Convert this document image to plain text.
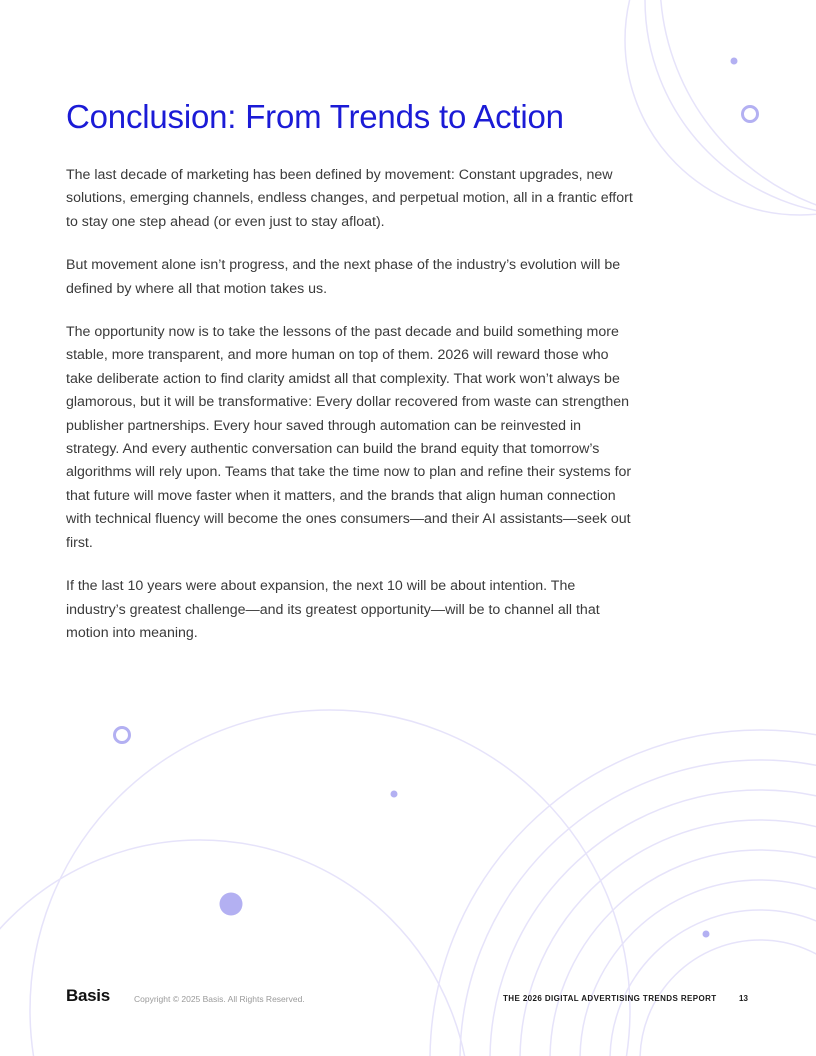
Conclusion: From Trends to Action

The last decade of marketing has been defined by movement: Constant upgrades, new solutions, emerging channels, endless changes, and perpetual motion, all in a frantic effort to stay one step ahead (or even just to stay afloat).

But movement alone isn’t progress, and the next phase of the industry’s evolution will be defined by where all that motion takes us.

The opportunity now is to take the lessons of the past decade and build something more stable, more transparent, and more human on top of them. 2026 will reward those who take deliberate action to find clarity amidst all that complexity. That work won’t always be glamorous, but it will be transformative: Every dollar recovered from waste can strengthen publisher partnerships. Every hour saved through automation can be reinvested in strategy. And every authentic conversation can build the brand equity that tomorrow’s algorithms will rely upon. Teams that take the time now to plan and refine their systems for that future will move faster when it matters, and the brands that align human connection with technical fluency will become the ones consumers—and their AI assistants—seek out first.

If the last 10 years were about expansion, the next 10 will be about intention. The industry’s greatest challenge—and its greatest opportunity—will be to channel all that motion into meaning.

Basis	Copyright © 2025 Basis. All Rights Reserved.	THE 2026 DIGITAL ADVERTISING TRENDS REPORT	13
